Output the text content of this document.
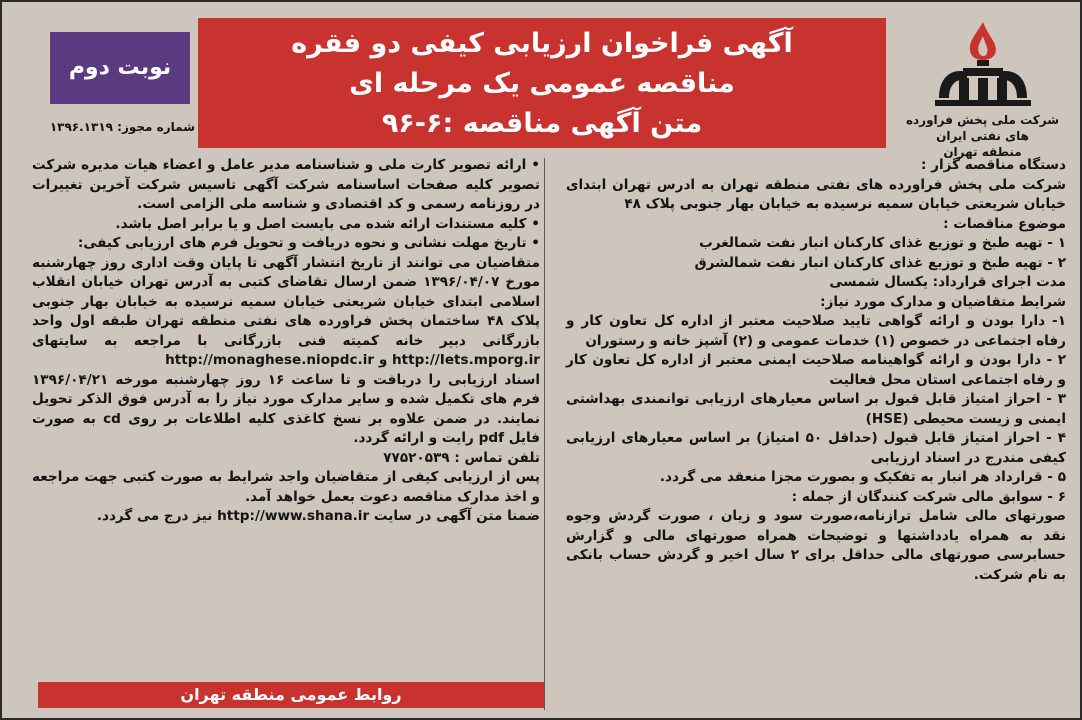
شرکت ملی پخش فراورده های نفتی ایران
منطقه تهران
آگهی فراخوان ارزیابی کیفی دو فقره
مناقصه عمومی یک مرحله ای
متن آگهی مناقصه :۶-۹۶
نوبت دوم
شماره مجوز: ۱۳۹۶.۱۳۱۹

دستگاه مناقصه گزار :

شرکت ملی پخش فراورده های نفتی منطقه تهران به ادرس تهران ابتدای خیابان شریعتی خیابان سمیه نرسیده به خیابان بهار جنوبی پلاک ۴۸

موضوع مناقصات :

۱ - تهیه طبخ و توزیع غذای کارکنان انبار نفت شمالغرب

۲ - تهیه طبخ و توزیع غذای کارکنان انبار نفت شمالشرق

مدت اجرای قرارداد: یکسال شمسی

شرایط متقاضیان و مدارک مورد نیاز:

۱- دارا بودن و ارائه گواهی تایید صلاحیت معتبر از اداره کل تعاون کار و رفاه اجتماعی در خصوص (۱) خدمات عمومی و (۲) آشپز خانه و رستوران

۲ - دارا بودن و ارائه گواهینامه صلاحیت ایمنی معتبر از اداره کل تعاون کار و رفاه اجتماعی استان محل فعالیت

۳ - احراز امتیاز قابل قبول بر اساس معیارهای ارزیابی توانمندی بهداشتی ایمنی و زیست محیطی (HSE)

۴ - احراز امتیاز قابل قبول (حداقل ۵۰ امتیاز) بر اساس معیارهای ارزیابی کیفی مندرج در اسناد ارزیابی

۵ - قرارداد هر انبار به تفکیک و بصورت مجزا منعقد می گردد.

۶ - سوابق مالی شرکت کنندگان از جمله :

صورتهای مالی شامل ترازنامه،صورت سود و زیان ، صورت گردش وجوه نقد به همراه یادداشتها و توضیحات همراه صورتهای مالی و گزارش حسابرسی صورتهای مالی حداقل برای ۲ سال اخیر و گردش حساب بانکی به نام شرکت.

• ارائه تصویر کارت ملی و شناسنامه مدیر عامل و اعضاء هیات مدیره شرکت تصویر کلیه صفحات اساسنامه شرکت آگهی تاسیس شرکت آخرین تغییرات در روزنامه رسمی و کد اقتصادی و شناسه ملی الزامی است.

• کلیه مستندات ارائه شده می بایست اصل و یا برابر اصل باشد.

• تاریخ مهلت نشانی و نحوه دریافت و تحویل فرم های ارزیابی کیفی:

متقاضیان می توانند از تاریخ انتشار آگهی تا پایان وقت اداری روز چهارشنبه مورخ ۱۳۹۶/۰۴/۰۷ ضمن ارسال تقاضای کتبی به آدرس تهران خیابان انقلاب اسلامی ابتدای خیابان شریعتی خیابان سمیه نرسیده به خیابان بهار جنوبی پلاک ۴۸ ساختمان پخش فراورده های نفتی منطقه تهران طبقه اول واحد بازرگانی دبیر خانه کمیته فنی بازرگانی با مراجعه به سایتهای http://Iets.mporg.ir و http://monaghese.niopdc.ir

اسناد ارزیابی را دریافت و تا ساعت ۱۶ روز چهارشنبه مورخه ۱۳۹۶/۰۴/۲۱ فرم های تکمیل شده و سایر مدارک مورد نیاز را به آدرس فوق الذکر تحویل نمایند. در ضمن علاوه بر نسخ کاغذی کلیه اطلاعات بر روی cd به صورت فایل pdf رایت و ارائه گردد.

تلفن تماس : ۷۷۵۲۰۵۳۹

پس از ارزیابی کیفی از متقاضیان واجد شرایط به صورت کتبی جهت مراجعه و اخذ مدارک مناقصه دعوت بعمل خواهد آمد.

ضمنا متن آگهی در سایت http://www.shana.ir نیز درج می گردد.

روابط عمومی منطقه تهران
